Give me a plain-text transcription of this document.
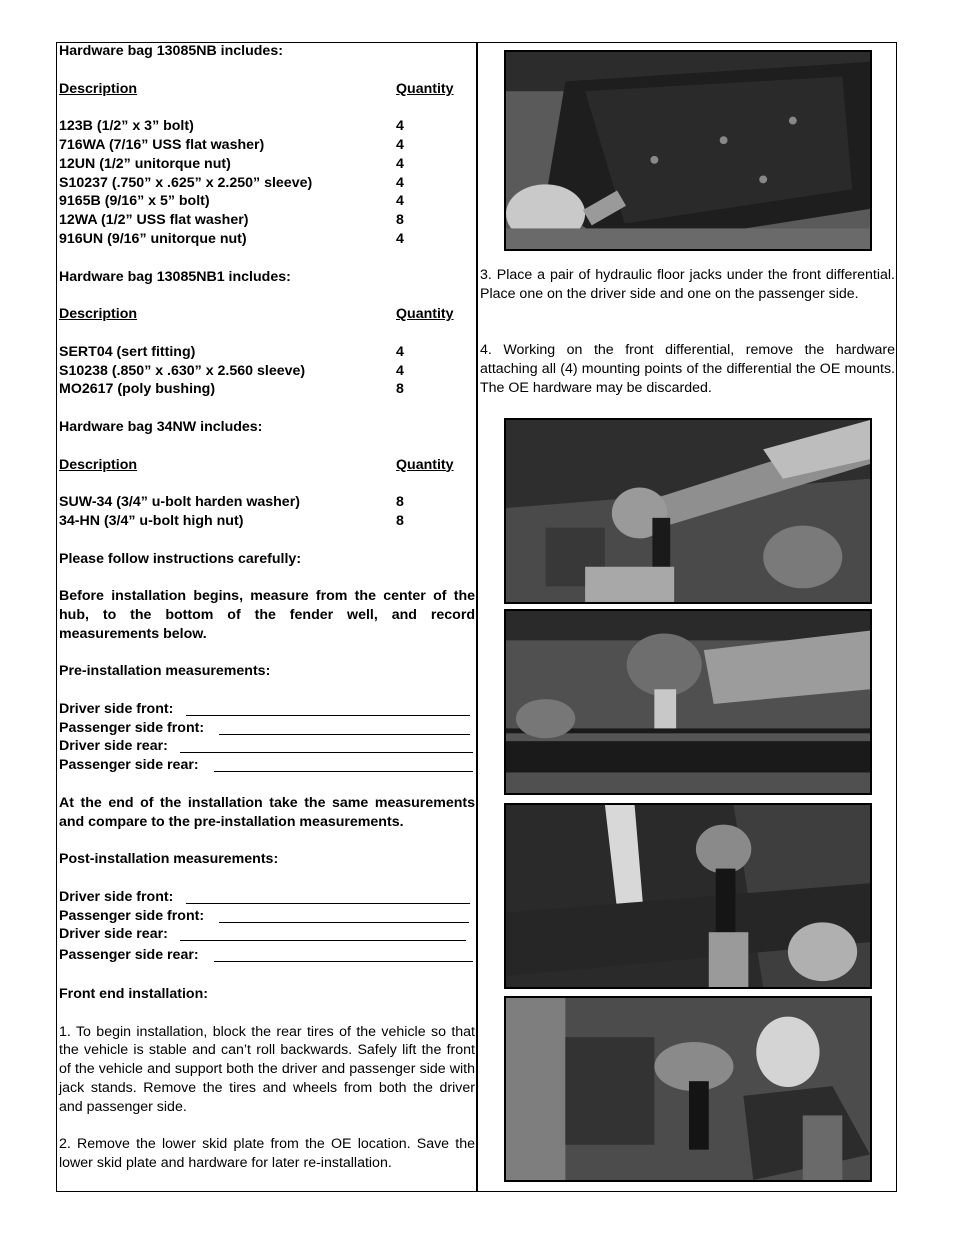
Hardware bag 13085NB includes:
Description	Quantity
123B (1/2” x 3” bolt)	4
716WA (7/16” USS flat washer)	4
12UN (1/2” unitorque nut)	4
S10237 (.750” x .625” x 2.250” sleeve)	4
9165B (9/16” x 5” bolt)	4
12WA (1/2” USS flat washer)	8
916UN (9/16” unitorque nut)	4
Hardware bag 13085NB1 includes:
Description	Quantity
SERT04 (sert fitting)	4
S10238 (.850” x .630” x 2.560 sleeve)	4
MO2617 (poly bushing)	8
Hardware bag 34NW includes:
Description	Quantity
SUW-34 (3/4” u-bolt harden washer)	8
34-HN (3/4” u-bolt high nut)	8
Please follow instructions carefully:
Before installation begins, measure from the center of the hub, to the bottom of the fender well, and record measurements below.
Pre-installation measurements:
Driver side front:
Passenger side front:
Driver side rear:
Passenger side rear:
At the end of the installation take the same measurements and compare to the pre-installation measurements.
Post-installation measurements:
Driver side front:
Passenger side front:
Driver side rear:
Passenger side rear:
Front end installation:
1. To begin installation, block the rear tires of the vehicle so that the vehicle is stable and can’t roll backwards. Safely lift the front of the vehicle and support both the driver and passenger side with jack stands. Remove the tires and wheels from both the driver and passenger side.
2. Remove the lower skid plate from the OE location. Save the lower skid plate and hardware for later re-installation.
3. Place a pair of hydraulic floor jacks under the front differential. Place one on the driver side and one on the passenger side.
4. Working on the front differential, remove the hardware attaching all (4) mounting points of the differential the OE mounts. The OE hardware may be discarded.
